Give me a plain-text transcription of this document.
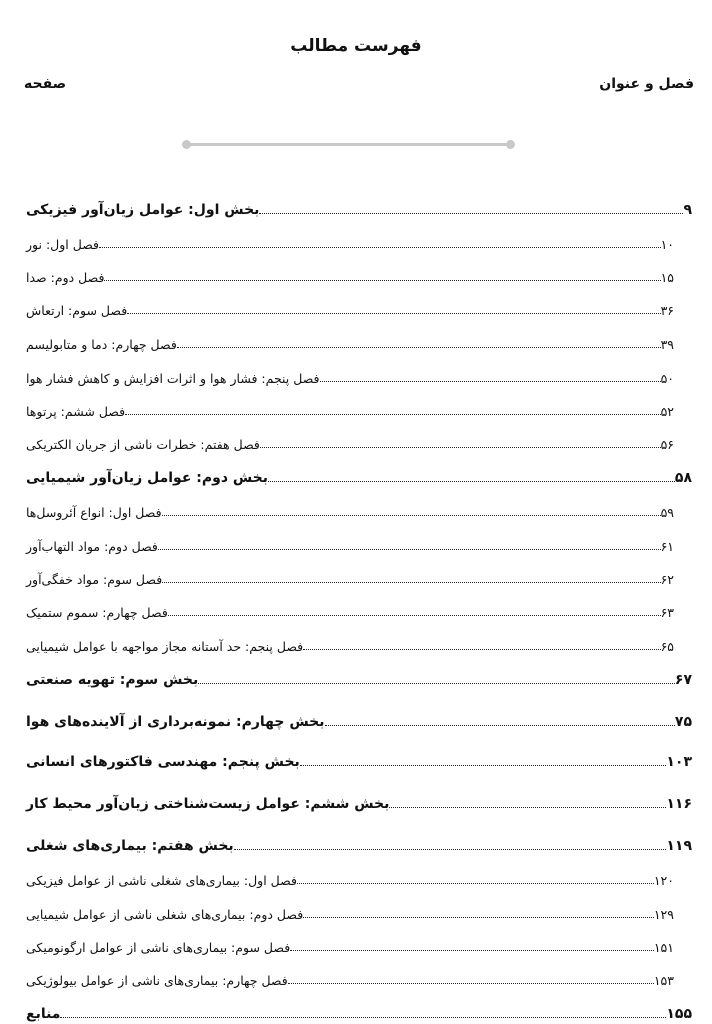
فهرست مطالب
فصل و عنوان
صفحه
بخش اول: عوامل زیان‌آور فیزیکی	۹
فصل اول: نور	۱۰
فصل دوم: صدا	۱۵
فصل سوم: ارتعاش	۳۶
فصل چهارم: دما و متابولیسم	۳۹
فصل پنجم: فشار هوا و اثرات افزایش و کاهش فشار هوا	۵۰
فصل ششم: پرتوها	۵۲
فصل هفتم: خطرات ناشی از جریان الکتریکی	۵۶
بخش دوم: عوامل زیان‌آور شیمیایی	۵۸
فصل اول: انواع آئروسل‌ها	۵۹
فصل دوم: مواد التهاب‌آور	۶۱
فصل سوم: مواد خفگی‌آور	۶۲
فصل چهارم: سموم ستمیک	۶۳
فصل پنجم: حد آستانه مجاز مواجهه با عوامل شیمیایی	۶۵
بخش سوم: تهویه صنعتی	۶۷
بخش چهارم: نمونه‌برداری از آلاینده‌های هوا	۷۵
بخش پنجم: مهندسی فاکتورهای انسانی	۱۰۳
بخش ششم: عوامل زیست‌شناختی زیان‌آور محیط کار	۱۱۶
بخش هفتم: بیماری‌های شغلی	۱۱۹
فصل اول: بیماری‌های شغلی ناشی از عوامل فیزیکی	۱۲۰
فصل دوم: بیماری‌های شغلی ناشی از عوامل شیمیایی	۱۲۹
فصل سوم: بیماری‌های ناشی از عوامل ارگونومیکی	۱۵۱
فصل چهارم: بیماری‌های ناشی از عوامل بیولوژیکی	۱۵۳
منابع	۱۵۵
